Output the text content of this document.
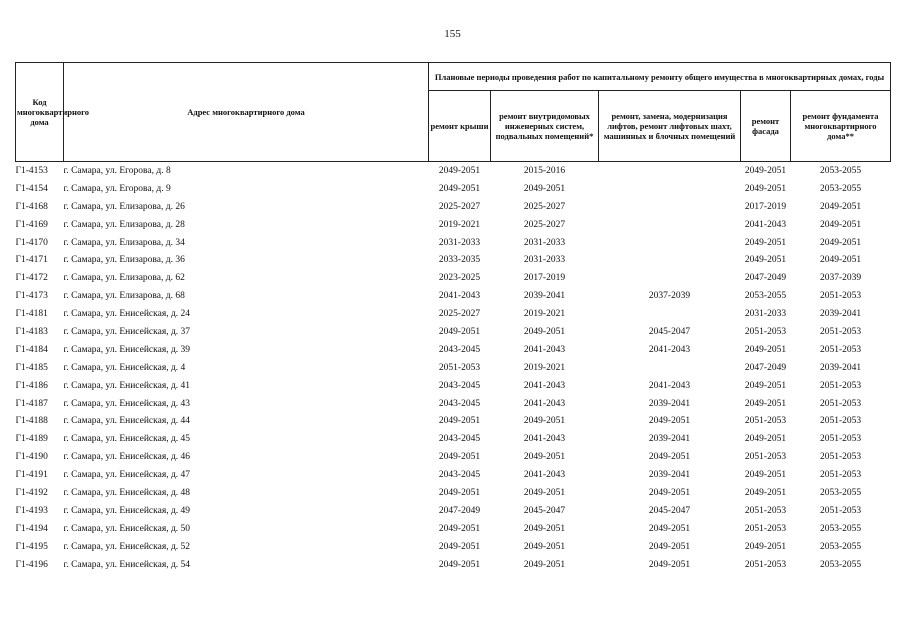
155
Код многоквартирного дома	Адрес многоквартирного дома	Плановые периоды проведения работ по капитальному ремонту общего имущества в многоквартирных домах, годы				
		ремонт крыши	ремонт внутридомовых инженерных систем, подвальных помещений*	ремонт, замена, модернизация лифтов, ремонт лифтовых шахт, машинных и блочных помещений	ремонт фасада	ремонт фундамента многоквартирного дома**
Г1-4153	г. Самара, ул. Егорова, д. 8	2049-2051	2015-2016		2049-2051	2053-2055
Г1-4154	г. Самара, ул. Егорова, д. 9	2049-2051	2049-2051		2049-2051	2053-2055
Г1-4168	г. Самара, ул. Елизарова, д. 26	2025-2027	2025-2027		2017-2019	2049-2051
Г1-4169	г. Самара, ул. Елизарова, д. 28	2019-2021	2025-2027		2041-2043	2049-2051
Г1-4170	г. Самара, ул. Елизарова, д. 34	2031-2033	2031-2033		2049-2051	2049-2051
Г1-4171	г. Самара, ул. Елизарова, д. 36	2033-2035	2031-2033		2049-2051	2049-2051
Г1-4172	г. Самара, ул. Елизарова, д. 62	2023-2025	2017-2019		2047-2049	2037-2039
Г1-4173	г. Самара, ул. Елизарова, д. 68	2041-2043	2039-2041	2037-2039	2053-2055	2051-2053
Г1-4181	г. Самара, ул. Енисейская, д. 24	2025-2027	2019-2021		2031-2033	2039-2041
Г1-4183	г. Самара, ул. Енисейская, д. 37	2049-2051	2049-2051	2045-2047	2051-2053	2051-2053
Г1-4184	г. Самара, ул. Енисейская, д. 39	2043-2045	2041-2043	2041-2043	2049-2051	2051-2053
Г1-4185	г. Самара, ул. Енисейская, д. 4	2051-2053	2019-2021		2047-2049	2039-2041
Г1-4186	г. Самара, ул. Енисейская, д. 41	2043-2045	2041-2043	2041-2043	2049-2051	2051-2053
Г1-4187	г. Самара, ул. Енисейская, д. 43	2043-2045	2041-2043	2039-2041	2049-2051	2051-2053
Г1-4188	г. Самара, ул. Енисейская, д. 44	2049-2051	2049-2051	2049-2051	2051-2053	2051-2053
Г1-4189	г. Самара, ул. Енисейская, д. 45	2043-2045	2041-2043	2039-2041	2049-2051	2051-2053
Г1-4190	г. Самара, ул. Енисейская, д. 46	2049-2051	2049-2051	2049-2051	2051-2053	2051-2053
Г1-4191	г. Самара, ул. Енисейская, д. 47	2043-2045	2041-2043	2039-2041	2049-2051	2051-2053
Г1-4192	г. Самара, ул. Енисейская, д. 48	2049-2051	2049-2051	2049-2051	2049-2051	2053-2055
Г1-4193	г. Самара, ул. Енисейская, д. 49	2047-2049	2045-2047	2045-2047	2051-2053	2051-2053
Г1-4194	г. Самара, ул. Енисейская, д. 50	2049-2051	2049-2051	2049-2051	2051-2053	2053-2055
Г1-4195	г. Самара, ул. Енисейская, д. 52	2049-2051	2049-2051	2049-2051	2049-2051	2053-2055
Г1-4196	г. Самара, ул. Енисейская, д. 54	2049-2051	2049-2051	2049-2051	2051-2053	2053-2055
